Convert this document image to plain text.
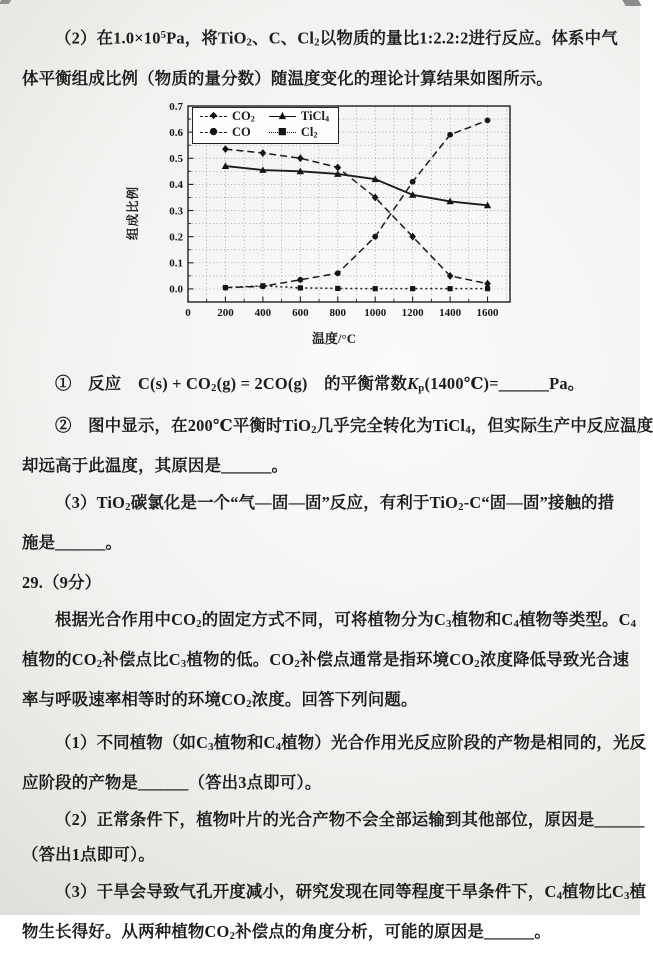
（2）在$1.0\times 10^5Pa$，将TiO$_2$、C、$Cl_2$以物质的量比1:2.2:2进行反应。体系中气
体平衡组成比例（物质的量分数）随温度变化的理论计算结果如图所示。
组成比例
0 200 400 600 800 1000 1200 1400 1600
0.0
0.1
0.2
0.3
0.4
0.5
0.6
0.7
◆	$CO_2$	▲	TiCl$_4$
●	CO	■	$Cl_2$
温度/°C
①　反应　$C(s) + CO_2(g) = 2CO(g)$　的平衡常数$K_p(1400℃)=\_\_\_\_\_\_Pa$。
②　图中显示，在200℃平衡时TiO$_2$几乎完全转化为TiCl$_4$，但实际生产中反应温度
却远高于此温度，其原因是______。
（3）TiO$_2$碳氯化是一个“气—固—固”反应，有利于TiO$_2$-C“固—固”接触的措
施是______。
29.（9分）
根据光合作用中$CO_2$的固定方式不同，可将植物分为$C_3$植物和$C_4$植物等类型。$C_4$
植物的$CO_2$补偿点比$C_3$植物的低。$CO_2$补偿点通常是指环境$CO_2$浓度降低导致光合速
率与呼吸速率相等时的环境$CO_2$浓度。回答下列问题。
（1）不同植物（如$C_3$植物和$C_4$植物）光合作用光反应阶段的产物是相同的，光反
应阶段的产物是______（答出3点即可）。
（2）正常条件下，植物叶片的光合产物不会全部运输到其他部位，原因是______
（答出1点即可）。
（3）干旱会导致气孔开度减小，研究发现在同等程度干旱条件下，$C_4$植物比$C_3$植
物生长得好。从两种植物$CO_2$补偿点的角度分析，可能的原因是______。
